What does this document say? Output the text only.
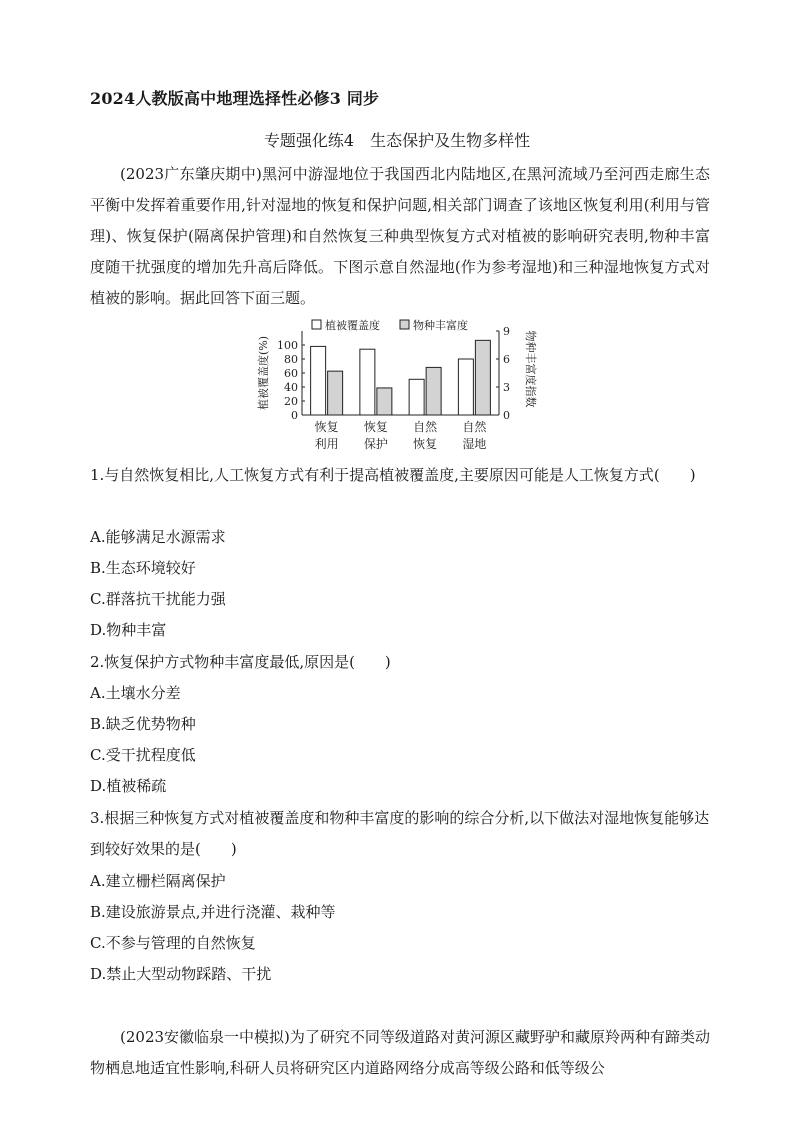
2024人教版高中地理选择性必修3 同步
专题强化练4　生态保护及生物多样性
(2023广东肇庆期中)黑河中游湿地位于我国西北内陆地区,在黑河流域乃至河西走廊生态平衡中发挥着重要作用,针对湿地的恢复和保护问题,相关部门调查了该地区恢复利用(利用与管理)、恢复保护(隔离保护管理)和自然恢复三种典型恢复方式对植被的影响研究表明,物种丰富度随干扰强度的增加先升高后降低。下图示意自然湿地(作为参考湿地)和三种湿地恢复方式对植被的影响。据此回答下面三题。
0
20
40
60
80
100
0
3
6
9
植被覆盖度(%)	物种丰富度指数
植被覆盖度	物种丰富度
恢复
利用
恢复
保护
自然
恢复
自然
湿地
1.与自然恢复相比,人工恢复方式有利于提高植被覆盖度,主要原因可能是人工恢复方式(　　)
A.能够满足水源需求
B.生态环境较好
C.群落抗干扰能力强
D.物种丰富
2.恢复保护方式物种丰富度最低,原因是(　　)
A.土壤水分差
B.缺乏优势物种
C.受干扰程度低
D.植被稀疏
3.根据三种恢复方式对植被覆盖度和物种丰富度的影响的综合分析,以下做法对湿地恢复能够达到较好效果的是(　　)
A.建立栅栏隔离保护
B.建设旅游景点,并进行浇灌、栽种等
C.不参与管理的自然恢复
D.禁止大型动物踩踏、干扰
(2023安徽临泉一中模拟)为了研究不同等级道路对黄河源区藏野驴和藏原羚两种有蹄类动物栖息地适宜性影响,科研人员将研究区内道路网络分成高等级公路和低等级公
